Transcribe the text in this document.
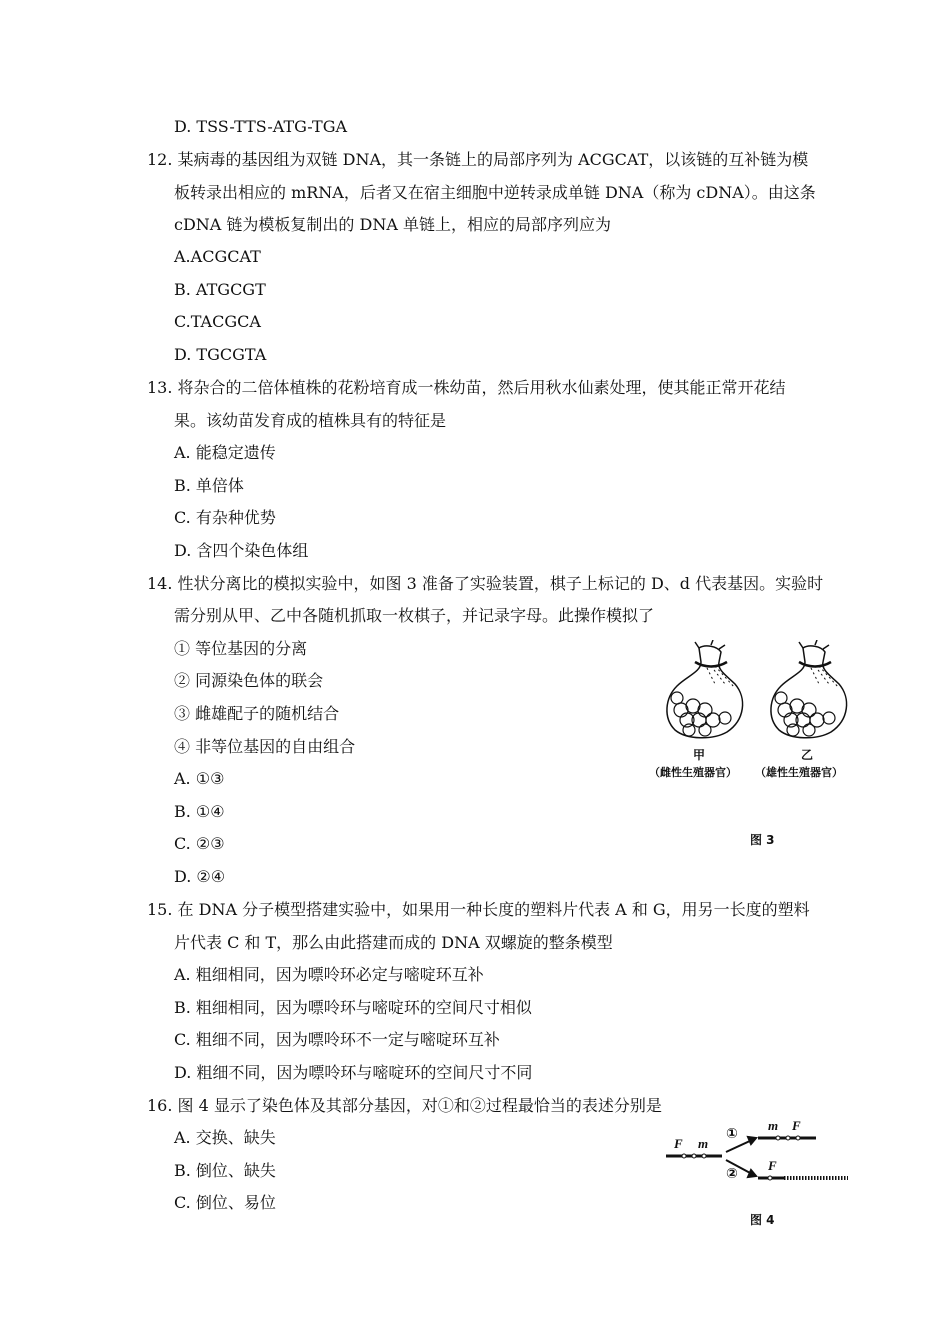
D. TSS-TTS-ATG-TGA
12. 某病毒的基因组为双链 DNA，其一条链上的局部序列为 ACGCAT，以该链的互补链为模
板转录出相应的 mRNA，后者又在宿主细胞中逆转录成单链 DNA（称为 cDNA）。由这条
cDNA 链为模板复制出的 DNA 单链上，相应的局部序列应为
A.ACGCAT
B. ATGCGT
C.TACGCA
D. TGCGTA
13. 将杂合的二倍体植株的花粉培育成一株幼苗，然后用秋水仙素处理，使其能正常开花结
果。该幼苗发育成的植株具有的特征是
A. 能稳定遗传
B. 单倍体
C. 有杂种优势
D. 含四个染色体组
14. 性状分离比的模拟实验中，如图 3 准备了实验装置，棋子上标记的 D、d 代表基因。实验时
需分别从甲、乙中各随机抓取一枚棋子，并记录字母。此操作模拟了
① 等位基因的分离
② 同源染色体的联会
③ 雌雄配子的随机结合
④ 非等位基因的自由组合
A. ①③
B. ①④
C. ②③
D. ②④
甲
（雌性生殖器官）
乙
（雄性生殖器官）
图 3
15. 在 DNA 分子模型搭建实验中，如果用一种长度的塑料片代表 A 和 G，用另一长度的塑料
片代表 C 和 T，那么由此搭建而成的 DNA 双螺旋的整条模型
A. 粗细相同，因为嘌呤环必定与嘧啶环互补
B. 粗细相同，因为嘌呤环与嘧啶环的空间尺寸相似
C. 粗细不同，因为嘌呤环不一定与嘧啶环互补
D. 粗细不同，因为嘌呤环与嘧啶环的空间尺寸不同
16. 图 4 显示了染色体及其部分基因，对①和②过程最恰当的表述分别是
A. 交换、缺失
B. 倒位、缺失
C. 倒位、易位
F m
①
②
m F
F
图 4
